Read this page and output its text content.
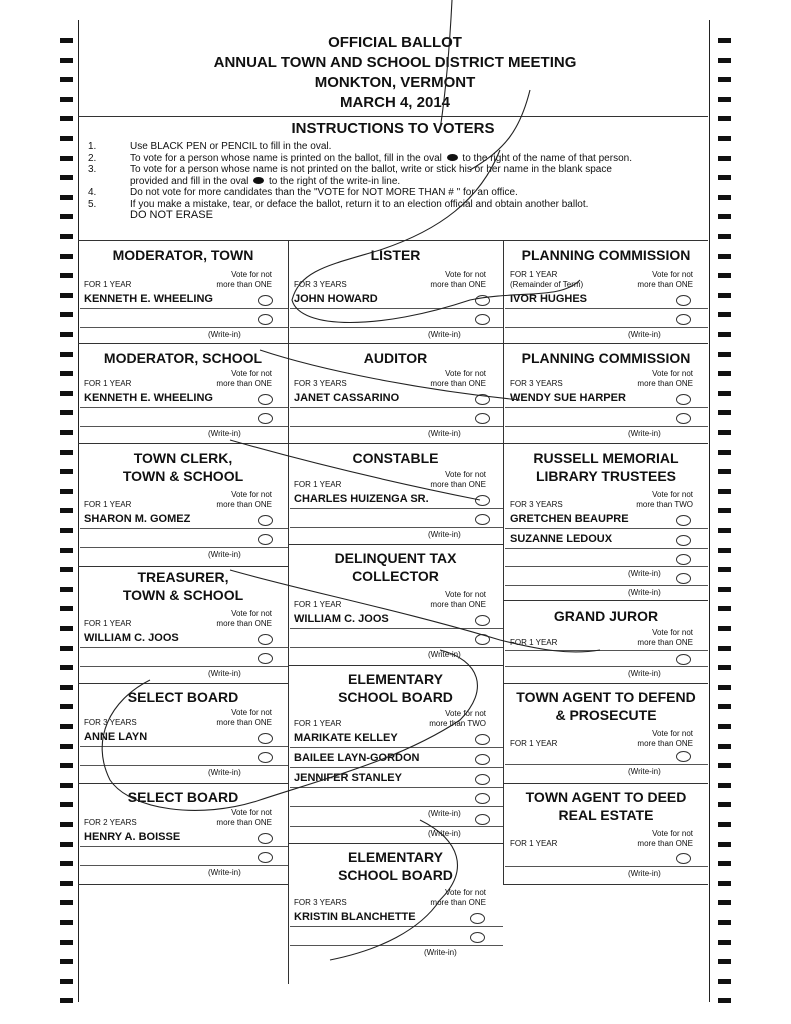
OFFICIAL BALLOT
ANNUAL TOWN AND SCHOOL DISTRICT MEETING
MONKTON, VERMONT
MARCH 4, 2014
INSTRUCTIONS TO VOTERS
1.	Use BLACK PEN or PENCIL to fill in the oval.
2.	To vote for a person whose name is printed on the ballot, fill in the oval to the right of the name of that person.
3.	To vote for a person whose name is not printed on the ballot, write or stick his or her name in the blank space
provided and fill in the oval to the right of the write-in line.
4.	Do not vote for more candidates than the "VOTE for NOT MORE THAN # " for an office.
5.	If you make a mistake, tear, or deface the ballot, return it to an election official and obtain another ballot.
DO NOT ERASE
MODERATOR, TOWN
Vote for not
FOR 1 YEAR	more than ONE
KENNETH E. WHEELING
(Write-in)
MODERATOR, SCHOOL
Vote for not
FOR 1 YEAR	more than ONE
KENNETH E. WHEELING
(Write-in)
TOWN CLERK,
TOWN & SCHOOL
Vote for not
FOR 1 YEAR	more than ONE
SHARON M. GOMEZ
(Write-in)
TREASURER,
TOWN & SCHOOL
Vote for not
FOR 1 YEAR	more than ONE
WILLIAM C. JOOS
(Write-in)
SELECT BOARD
Vote for not
FOR 3 YEARS	more than ONE
ANNE LAYN
(Write-in)
SELECT BOARD
Vote for not
FOR 2 YEARS	more than ONE
HENRY A. BOISSE
(Write-in)
LISTER
Vote for not
FOR 3 YEARS	more than ONE
JOHN HOWARD
(Write-in)
AUDITOR
Vote for not
FOR 3 YEARS	more than ONE
JANET CASSARINO
(Write-in)
CONSTABLE
Vote for not
FOR 1 YEAR	more than ONE
CHARLES HUIZENGA SR.
(Write-in)
DELINQUENT TAX
COLLECTOR
Vote for not
FOR 1 YEAR	more than ONE
WILLIAM C. JOOS
(Write-in)
ELEMENTARY
SCHOOL BOARD
Vote for not
FOR 1 YEAR	more than TWO
MARIKATE KELLEY
BAILEE LAYN-GORDON
JENNIFER STANLEY
(Write-in)
(Write-in)
ELEMENTARY
SCHOOL BOARD
Vote for not
FOR 3 YEARS	more than ONE
KRISTIN BLANCHETTE
(Write-in)
PLANNING COMMISSION
FOR 1 YEAR	Vote for not
(Remainder of Term)	more than ONE
IVOR HUGHES
(Write-in)
PLANNING COMMISSION
Vote for not
FOR 3 YEARS	more than ONE
WENDY SUE HARPER
(Write-in)
RUSSELL MEMORIAL
LIBRARY TRUSTEES
Vote for not
FOR 3 YEARS	more than TWO
GRETCHEN BEAUPRE
SUZANNE LEDOUX
(Write-in)
(Write-in)
GRAND JUROR
Vote for not
FOR 1 YEAR	more than ONE
(Write-in)
TOWN AGENT TO DEFEND
& PROSECUTE
Vote for not
FOR 1 YEAR	more than ONE
(Write-in)
TOWN AGENT TO DEED
REAL ESTATE
Vote for not
FOR 1 YEAR	more than ONE
(Write-in)
